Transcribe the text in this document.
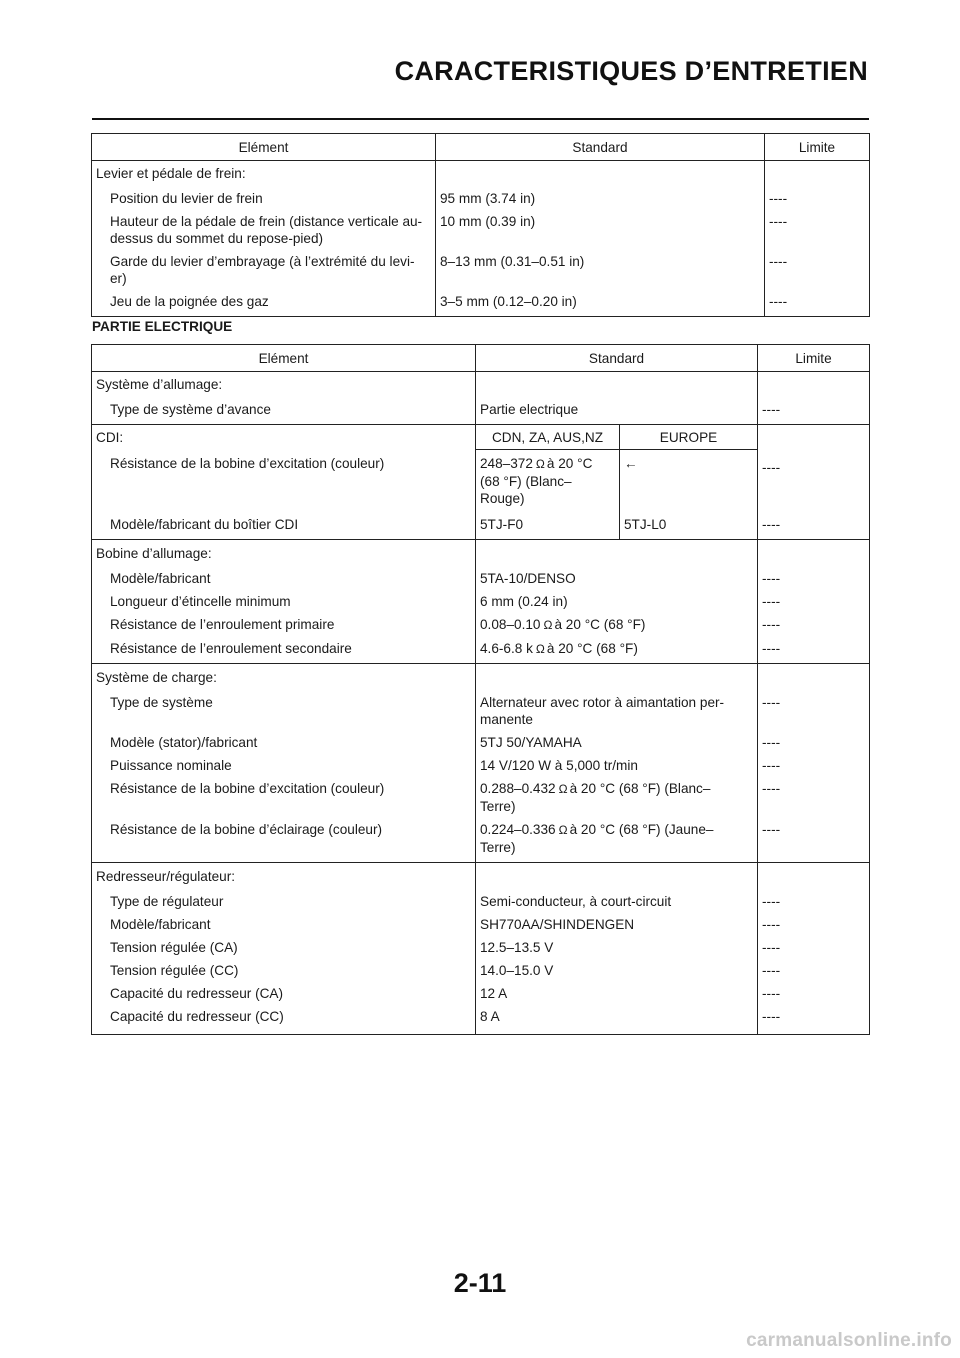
CARACTERISTIQUES D’ENTRETIEN
Elément	Standard	Limite
Levier et pédale de frein:		
Position du levier de frein	95 mm (3.74 in)	----
Hauteur de la pédale de frein (distance verticale au-dessus du sommet du repose-pied)	10 mm (0.39 in)	----
Garde du levier d’embrayage (à l’extrémité du levi-er)	8–13 mm (0.31–0.51 in)	----
Jeu de la poignée des gaz	3–5 mm (0.12–0.20 in)	----
PARTIE ELECTRIQUE
Elément	Standard		Limite
Système d’allumage:			
Type de système d’avance	Partie electrique		----
CDI:	CDN, ZA, AUS,NZ	EUROPE	----
Résistance de la bobine d’excitation (couleur)	248–372 Ω à 20 °C (68 °F) (Blanc–Rouge)	←	
Modèle/fabricant du boîtier CDI	5TJ-F0	5TJ-L0	----
Bobine d’allumage:			
Modèle/fabricant	5TA-10/DENSO		----
Longueur d’étincelle minimum	6 mm (0.24 in)		----
Résistance de l’enroulement primaire	0.08–0.10 Ω à 20 °C (68 °F)		----
Résistance de l’enroulement secondaire	4.6-6.8 k Ω à 20 °C (68 °F)		----
Système de charge:			
Type de système	Alternateur avec rotor à aimantation per-manente		----
Modèle (stator)/fabricant	5TJ 50/YAMAHA		----
Puissance nominale	14 V/120 W à 5,000 tr/min		----
Résistance de la bobine d’excitation (couleur)	0.288–0.432 Ω à 20 °C (68 °F) (Blanc–Terre)		----
Résistance de la bobine d’éclairage (couleur)	0.224–0.336 Ω à 20 °C (68 °F) (Jaune–Terre)		----
Redresseur/régulateur:			
Type de régulateur	Semi-conducteur, à court-circuit		----
Modèle/fabricant	SH770AA/SHINDENGEN		----
Tension régulée (CA)	12.5–13.5 V		----
Tension régulée (CC)	14.0–15.0 V		----
Capacité du redresseur (CA)	12 A		----
Capacité du redresseur (CC)	8 A		----
2-11
carmanualsonline.info
